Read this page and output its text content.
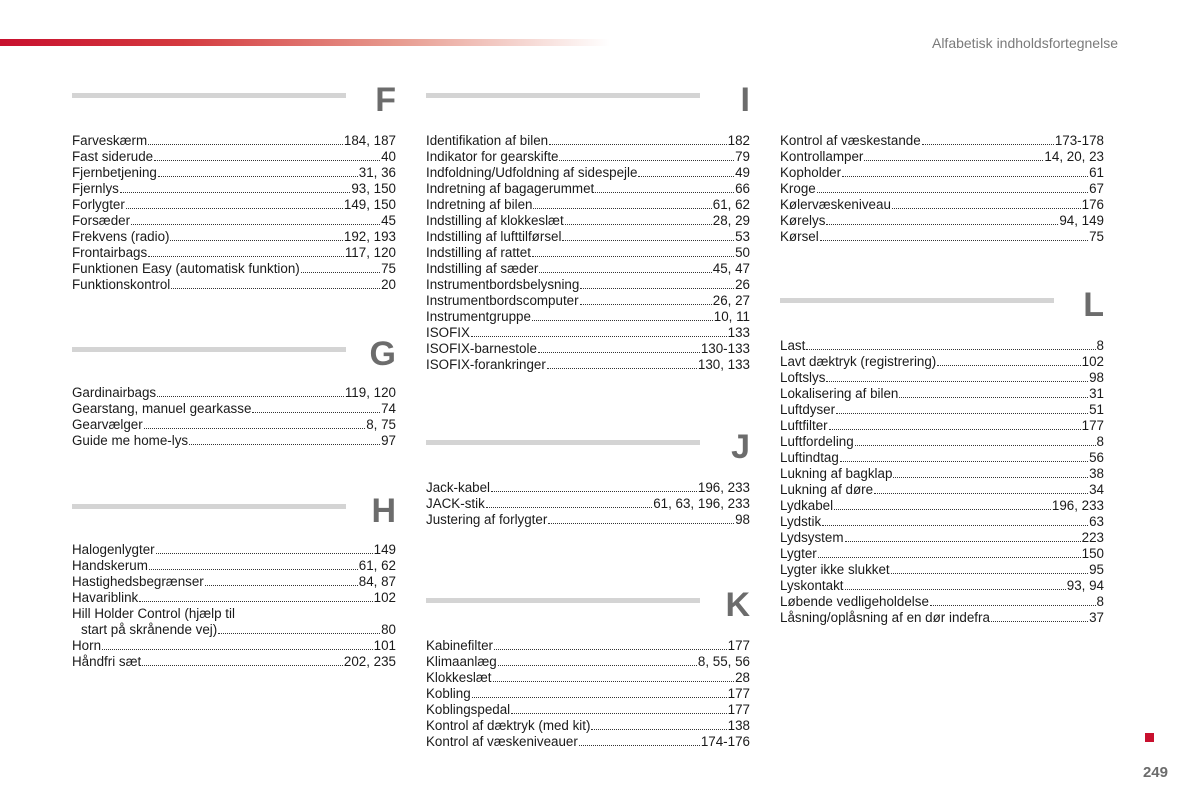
Alfabetisk indholdsfortegnelse
F
Farveskærm	184, 187
Fast siderude	40
Fjernbetjening	31, 36
Fjernlys	93, 150
Forlygter	149, 150
Forsæder	45
Frekvens (radio)	192, 193
Frontairbags	117, 120
Funktionen Easy (automatisk funktion)	75
Funktionskontrol	20
G
Gardinairbags	119, 120
Gearstang, manuel gearkasse	74
Gearvælger	8, 75
Guide me home-lys	97
H
Halogenlygter	149
Handskerum	61, 62
Hastighedsbegrænser	84, 87
Havariblink	102
Hill Holder Control (hjælp til
start på skrånende vej)	80
Horn	101
Håndfri sæt	202, 235
I
Identifikation af bilen	182
Indikator for gearskifte	79
Indfoldning/Udfoldning af sidespejle	49
Indretning af bagagerummet	66
Indretning af bilen	61, 62
Indstilling af klokkeslæt	28, 29
Indstilling af lufttilførsel	53
Indstilling af rattet	50
Indstilling af sæder	45, 47
Instrumentbordsbelysning	26
Instrumentbordscomputer	26, 27
Instrumentgruppe	10, 11
ISOFIX	133
ISOFIX-barnestole	130-133
ISOFIX-forankringer	130, 133
J
Jack-kabel	196, 233
JACK-stik	61, 63, 196, 233
Justering af forlygter	98
K
Kabinefilter	177
Klimaanlæg	8, 55, 56
Klokkeslæt	28
Kobling	177
Koblingspedal	177
Kontrol af dæktryk (med kit)	138
Kontrol af væskeniveauer	174-176
Kontrol af væskestande	173-178
Kontrollamper	14, 20, 23
Kopholder	61
Kroge	67
Kølervæskeniveau	176
Kørelys	94, 149
Kørsel	75
L
Last	8
Lavt dæktryk (registrering)	102
Loftslys	98
Lokalisering af bilen	31
Luftdyser	51
Luftfilter	177
Luftfordeling	8
Luftindtag	56
Lukning af bagklap	38
Lukning af døre	34
Lydkabel	196, 233
Lydstik	63
Lydsystem	223
Lygter	150
Lygter ikke slukket	95
Lyskontakt	93, 94
Løbende vedligeholdelse	8
Låsning/oplåsning af en dør indefra	37
249
